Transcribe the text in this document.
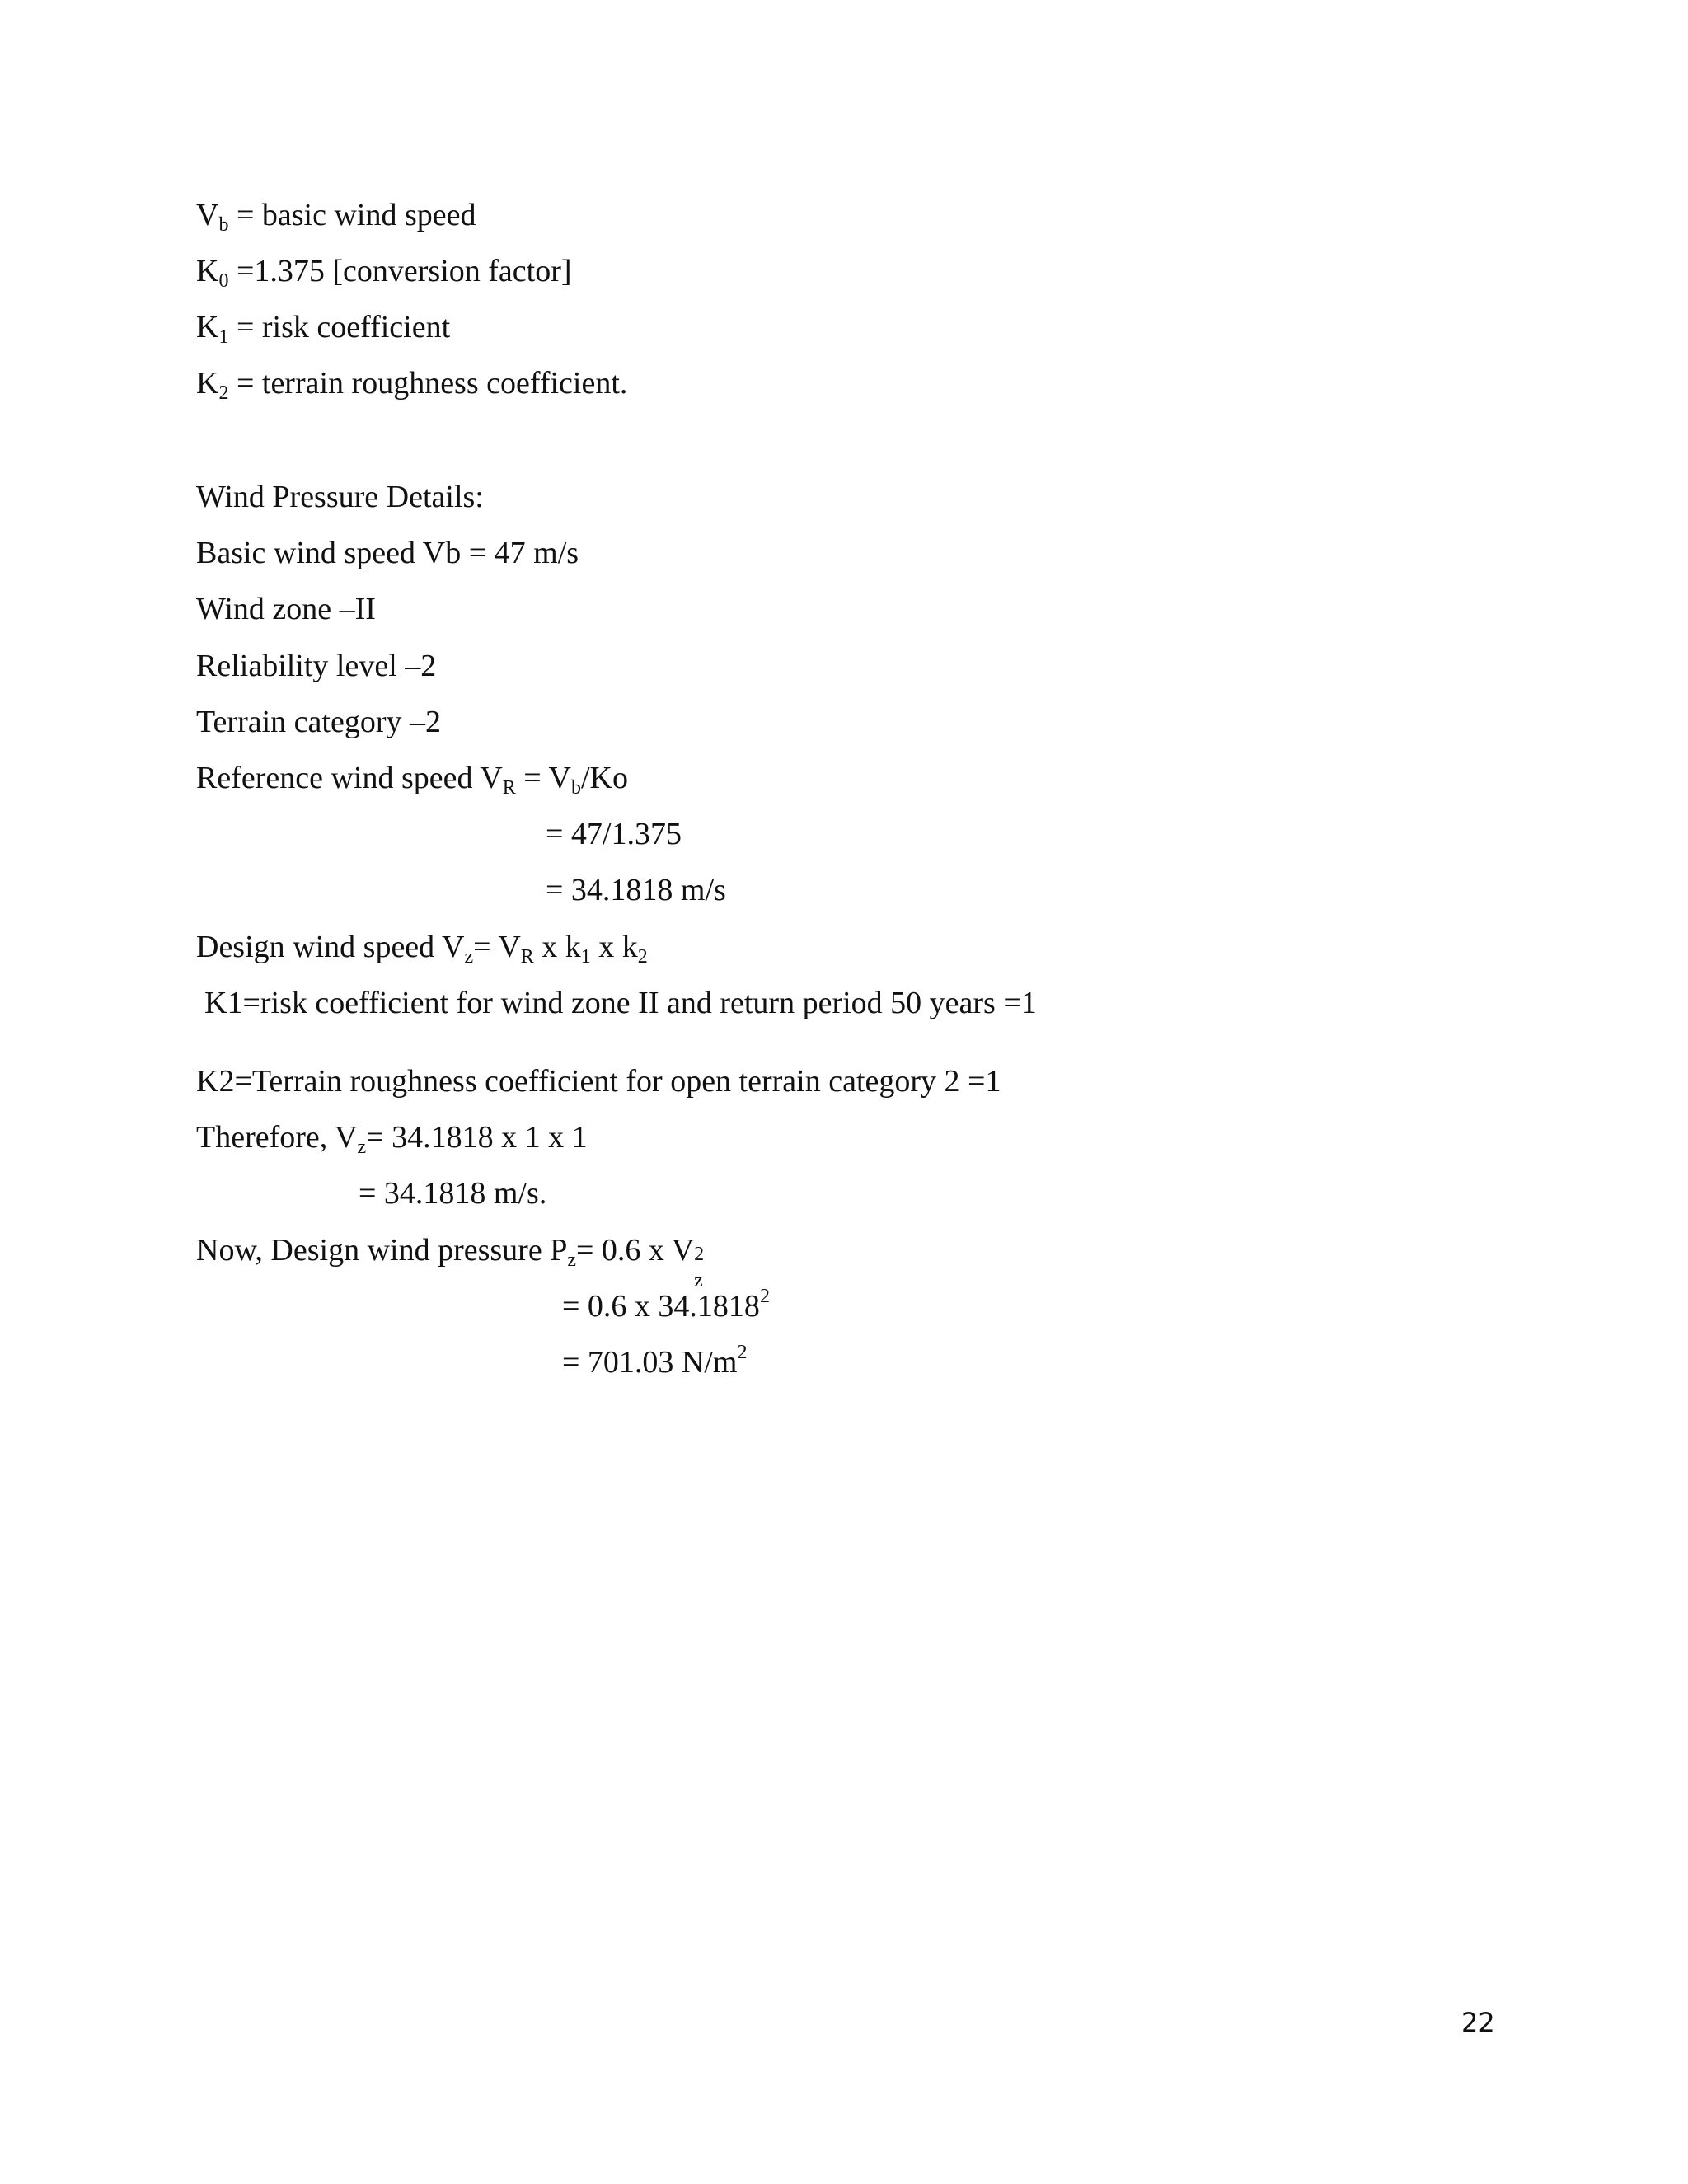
$V_b$ = basic wind speed

$K_0 =1.375$ [conversion factor]

$K_1$ = risk coefficient

$K_2$ = terrain roughness coefficient.

Wind Pressure Details:

Basic wind speed Vb = 47 m/s

Wind zone –II

Reliability level –2

Terrain category –2

Reference wind speed $V_R = V_b/Ko$

= 47/1.375

= 34.1818 m/s

Design wind speed $V_z= V_R$ x $k_1$ x $k_2$

K1=risk coefficient for wind zone II and return period 50 years =1

K2=Terrain roughness coefficient for open terrain category 2 =1

Therefore, $V_z= 34.1818$ x 1 x 1

= 34.1818 m/s.

Now, Design wind pressure $P_z= 0.6$ x V 2
z

= 0.6 x 34.1818$^2$

= 701.03 $N/m^2$

22
